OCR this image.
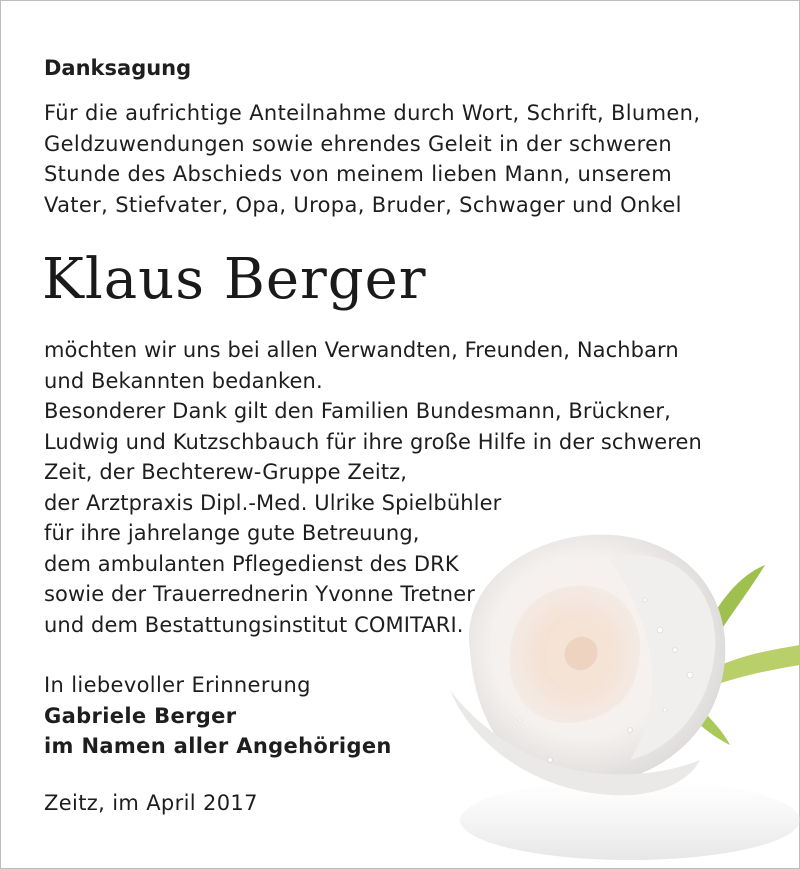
Danksagung
Für die aufrichtige Anteilnahme durch Wort, Schrift, Blumen,
Geldzuwendungen sowie ehrendes Geleit in der schweren
Stunde des Abschieds von meinem lieben Mann, unserem
Vater, Stiefvater, Opa, Uropa, Bruder, Schwager und Onkel
Klaus Berger
möchten wir uns bei allen Verwandten, Freunden, Nachbarn
und Bekannten bedanken.
Besonderer Dank gilt den Familien Bundesmann, Brückner,
Ludwig und Kutzschbauch für ihre große Hilfe in der schweren
Zeit, der Bechterew-Gruppe Zeitz,
der Arztpraxis Dipl.-Med. Ulrike Spielbühler
für ihre jahrelange gute Betreuung,
dem ambulanten Pflegedienst des DRK
sowie der Trauerrednerin Yvonne Tretner
und dem Bestattungsinstitut COMITARI.
In liebevoller Erinnerung
Gabriele Berger
im Namen aller Angehörigen
Zeitz, im April 2017
